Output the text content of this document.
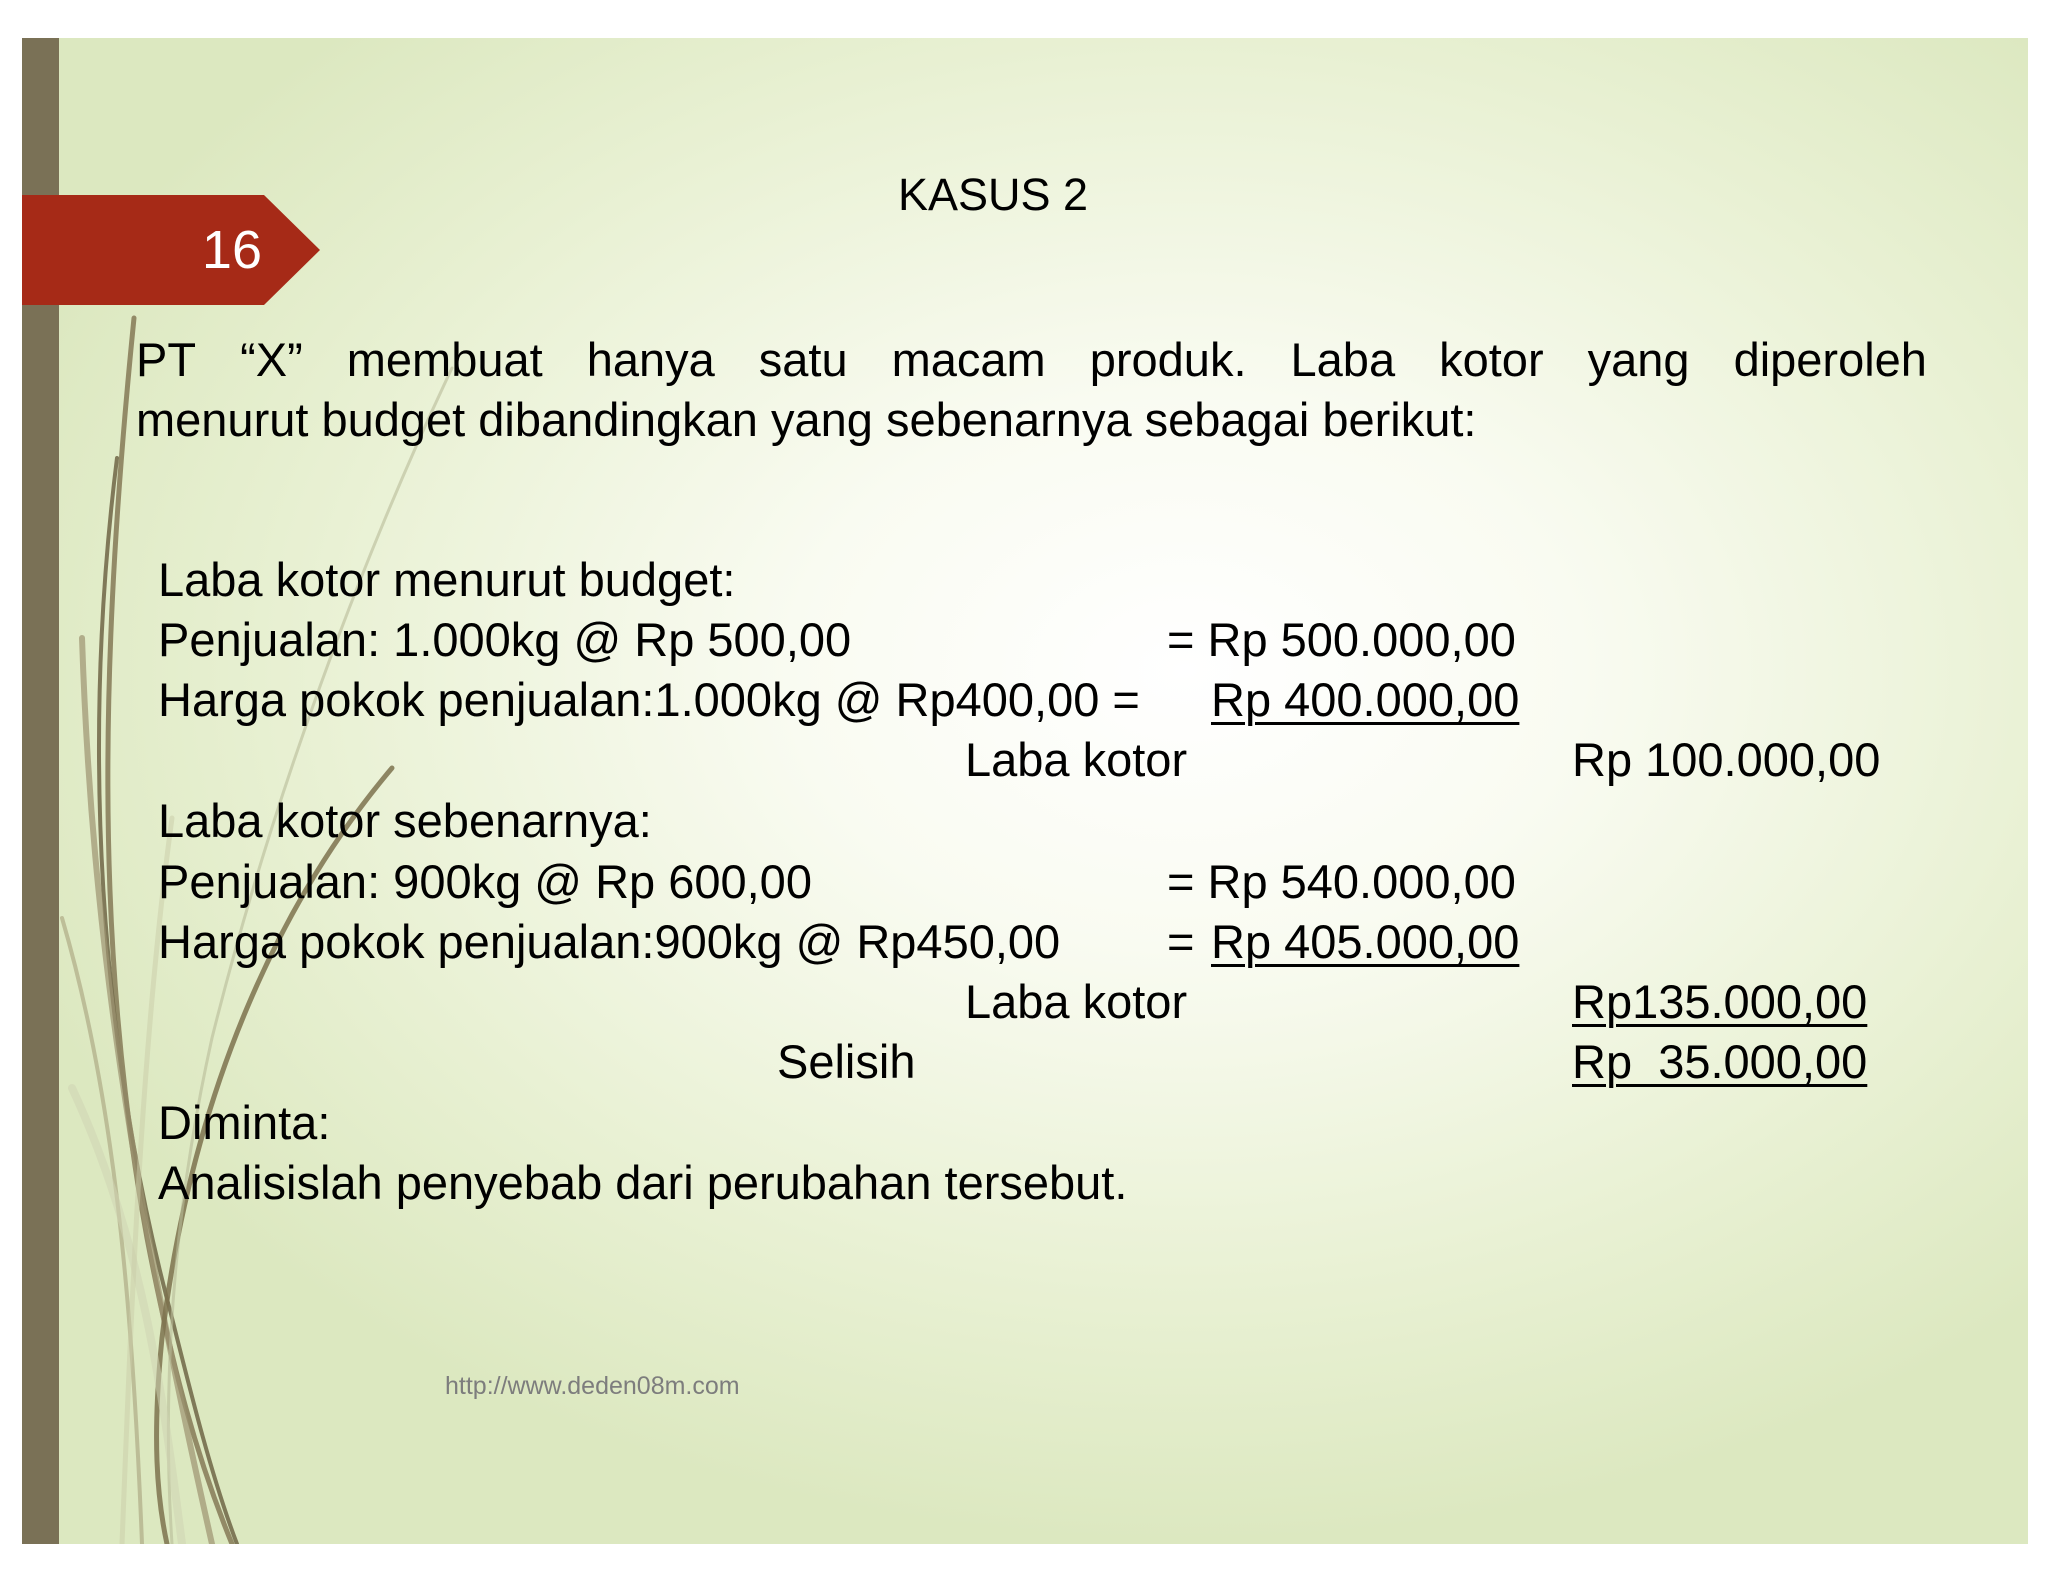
16
KASUS 2
PT “X” membuat hanya satu macam produk. Laba kotor yang diperoleh
menurut budget dibandingkan yang sebenarnya sebagai berikut:
Laba kotor menurut budget:
Penjualan: 1.000kg @ Rp 500,00	= Rp 500.000,00
Harga pokok penjualan:1.000kg @ Rp400,00 = Rp 400.000,00
Laba kotor	Rp 100.000,00
Laba kotor sebenarnya:
Penjualan: 900kg @ Rp 600,00	= Rp 540.000,00
Harga pokok penjualan:900kg @ Rp450,00 = Rp 405.000,00
Laba kotor	Rp135.000,00
Selisih	Rp  35.000,00
Diminta:
Analisislah penyebab dari perubahan tersebut.
http://www.deden08m.com
